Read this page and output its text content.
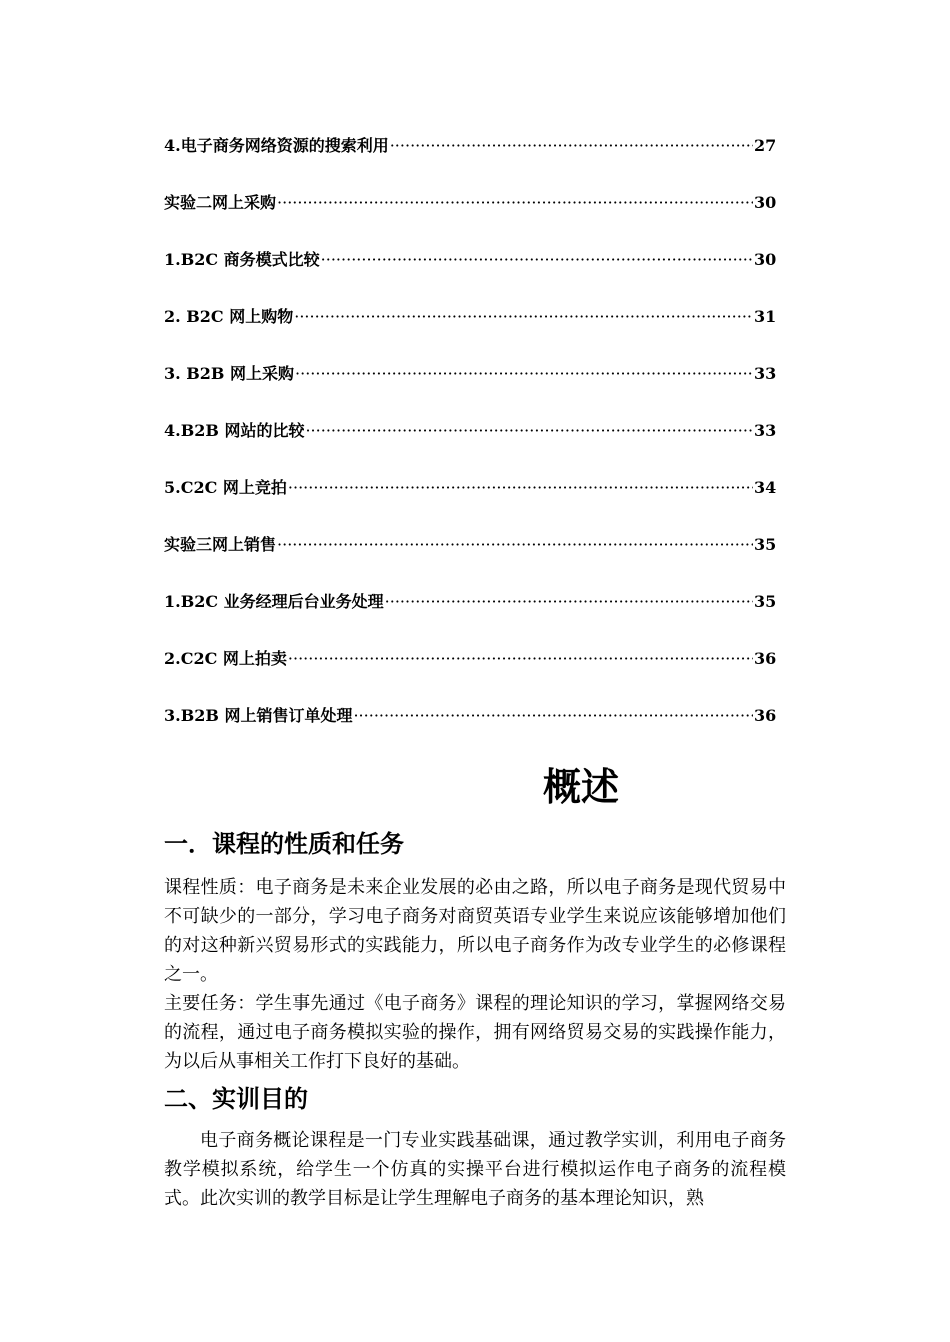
4.电子商务网络资源的搜索利用 ·····	27
实验二网上采购 ·····	30
1.B2C 商务模式比较 ·····	30
2. B2C 网上购物 ·····	31
3. B2B 网上采购 ·····	33
4.B2B 网站的比较 ·····	33
5.C2C 网上竞拍 ·····	34
实验三网上销售 ·····	35
1.B2C 业务经理后台业务处理 ·····	35
2.C2C 网上拍卖 ·····	36
3.B2B 网上销售订单处理 ·····	36
概述
一．课程的性质和任务

课程性质：电子商务是未来企业发展的必由之路，所以电子商务是现代贸易中不可缺少的一部分，学习电子商务对商贸英语专业学生来说应该能够增加他们的对这种新兴贸易形式的实践能力，所以电子商务作为改专业学生的必修课程之一。

主要任务：学生事先通过《电子商务》课程的理论知识的学习，掌握网络交易的流程，通过电子商务模拟实验的操作，拥有网络贸易交易的实践操作能力，为以后从事相关工作打下良好的基础。

二、实训目的

电子商务概论课程是一门专业实践基础课，通过教学实训，利用电子商务教学模拟系统，给学生一个仿真的实操平台进行模拟运作电子商务的流程模式。此次实训的教学目标是让学生理解电子商务的基本理论知识，熟
